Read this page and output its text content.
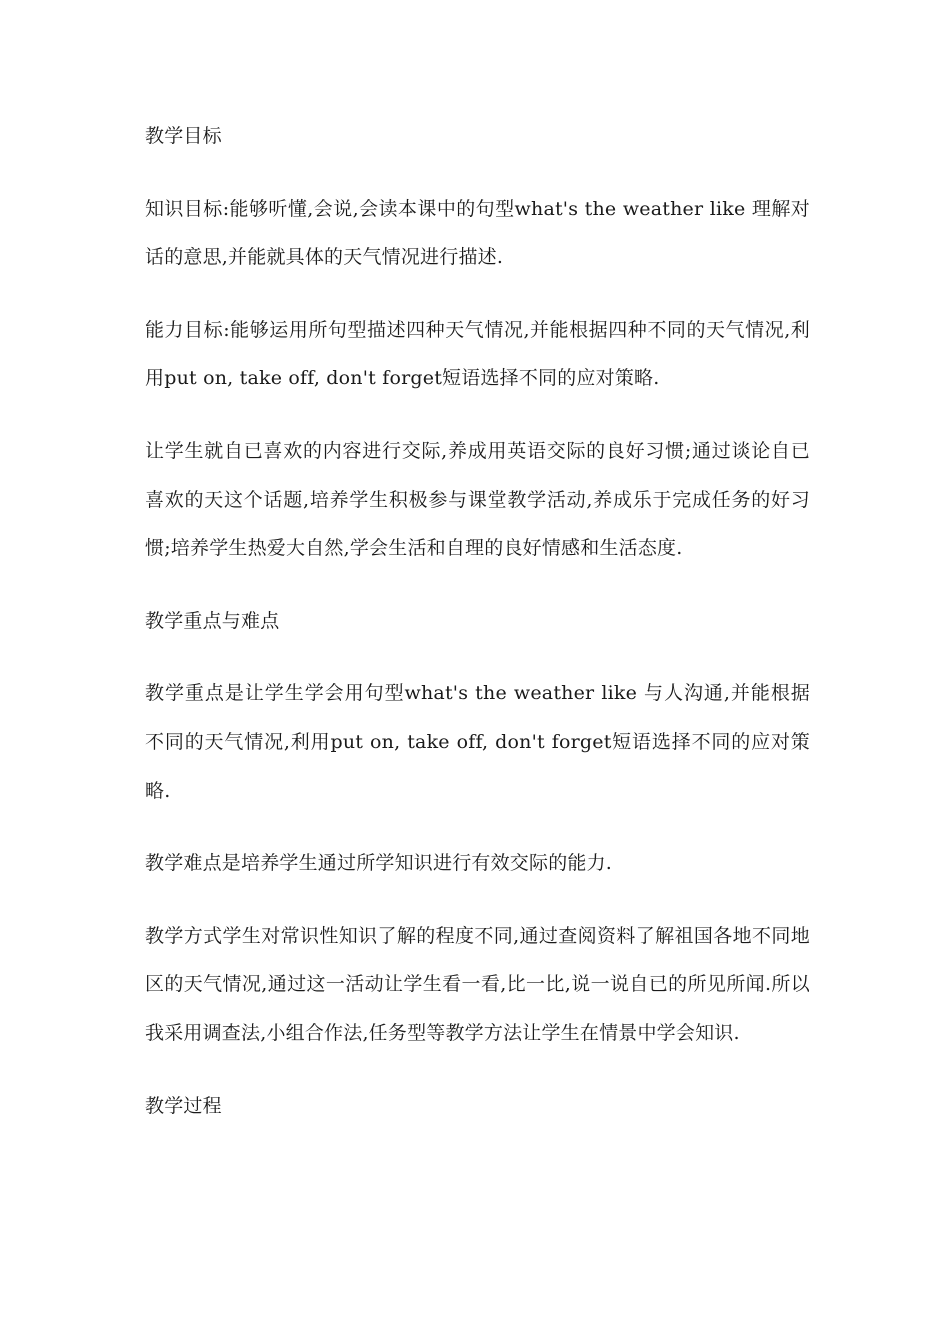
教学目标
知识目标:能够听懂,会说,会读本课中的句型what's the weather like 理解对话的意思,并能就具体的天气情况进行描述.
能力目标:能够运用所句型描述四种天气情况,并能根据四种不同的天气情况,利用put on, take off, don't forget短语选择不同的应对策略.
让学生就自已喜欢的内容进行交际,养成用英语交际的良好习惯;通过谈论自已喜欢的天这个话题,培养学生积极参与课堂教学活动,养成乐于完成任务的好习惯;培养学生热爱大自然,学会生活和自理的良好情感和生活态度.
教学重点与难点
教学重点是让学生学会用句型what's the weather like 与人沟通,并能根据不同的天气情况,利用put on, take off, don't forget短语选择不同的应对策略.
教学难点是培养学生通过所学知识进行有效交际的能力.
教学方式学生对常识性知识了解的程度不同,通过查阅资料了解祖国各地不同地区的天气情况,通过这一活动让学生看一看,比一比,说一说自已的所见所闻.所以我采用调查法,小组合作法,任务型等教学方法让学生在情景中学会知识.
教学过程
